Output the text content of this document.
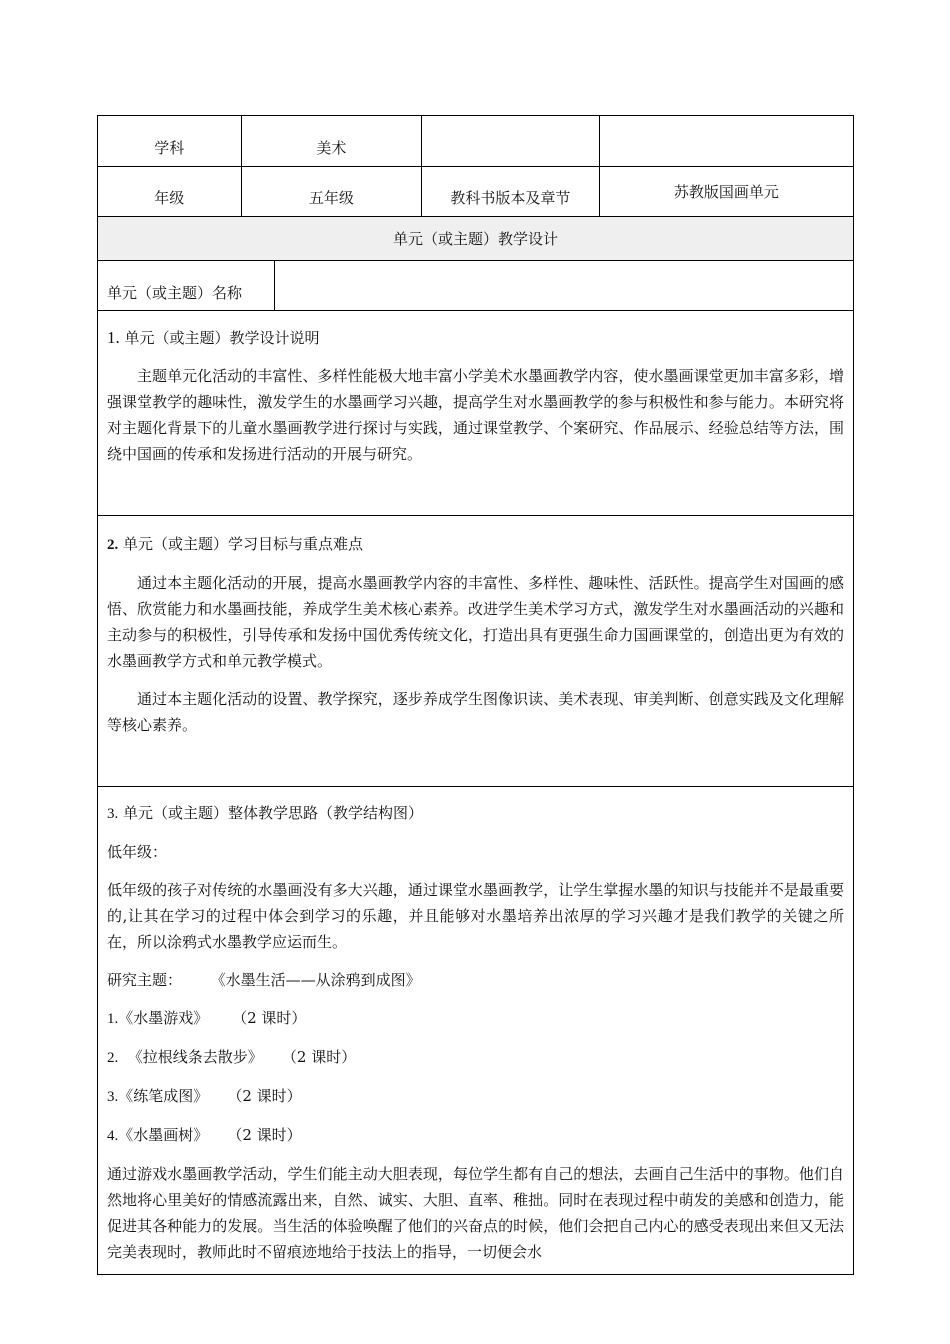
学科	美术
年级	五年级	教科书版本及章节	苏教版国画单元
单元（或主题）教学设计
单元（或主题）名称

1. 单元（或主题）教学设计说明

主题单元化活动的丰富性、多样性能极大地丰富小学美术水墨画教学内容，使水墨画课堂更加丰富多彩，增强课堂教学的趣味性，激发学生的水墨画学习兴趣，提高学生对水墨画教学的参与积极性和参与能力。本研究将对主题化背景下的儿童水墨画教学进行探讨与实践，通过课堂教学、个案研究、作品展示、经验总结等方法，围绕中国画的传承和发扬进行活动的开展与研究。

2. 单元（或主题）学习目标与重点难点

通过本主题化活动的开展，提高水墨画教学内容的丰富性、多样性、趣味性、活跃性。提高学生对国画的感悟、欣赏能力和水墨画技能，养成学生美术核心素养。改进学生美术学习方式，激发学生对水墨画活动的兴趣和主动参与的积极性，引导传承和发扬中国优秀传统文化，打造出具有更强生命力国画课堂的，创造出更为有效的水墨画教学方式和单元教学模式。

通过本主题化活动的设置、教学探究，逐步养成学生图像识读、美术表现、审美判断、创意实践及文化理解等核心素养。

3. 单元（或主题）整体教学思路（教学结构图）

低年级：

低年级的孩子对传统的水墨画没有多大兴趣，通过课堂水墨画教学，让学生掌握水墨的知识与技能并不是最重要的,让其在学习的过程中体会到学习的乐趣，并且能够对水墨培养出浓厚的学习兴趣才是我们教学的关键之所在，所以涂鸦式水墨教学应运而生。

研究主题： 《水墨生活——从涂鸦到成图》

1.《水墨游戏》 （2 课时）

2. 《拉根线条去散步》 （2 课时）

3.《练笔成图》 （2 课时）

4.《水墨画树》 （2 课时）

通过游戏水墨画教学活动，学生们能主动大胆表现，每位学生都有自己的想法，去画自己生活中的事物。他们自然地将心里美好的情感流露出来，自然、诚实、大胆、直率、稚拙。同时在表现过程中萌发的美感和创造力，能促进其各种能力的发展。当生活的体验唤醒了他们的兴奋点的时候，他们会把自己内心的感受表现出来但又无法完美表现时，教师此时不留痕迹地给于技法上的指导，一切便会水
